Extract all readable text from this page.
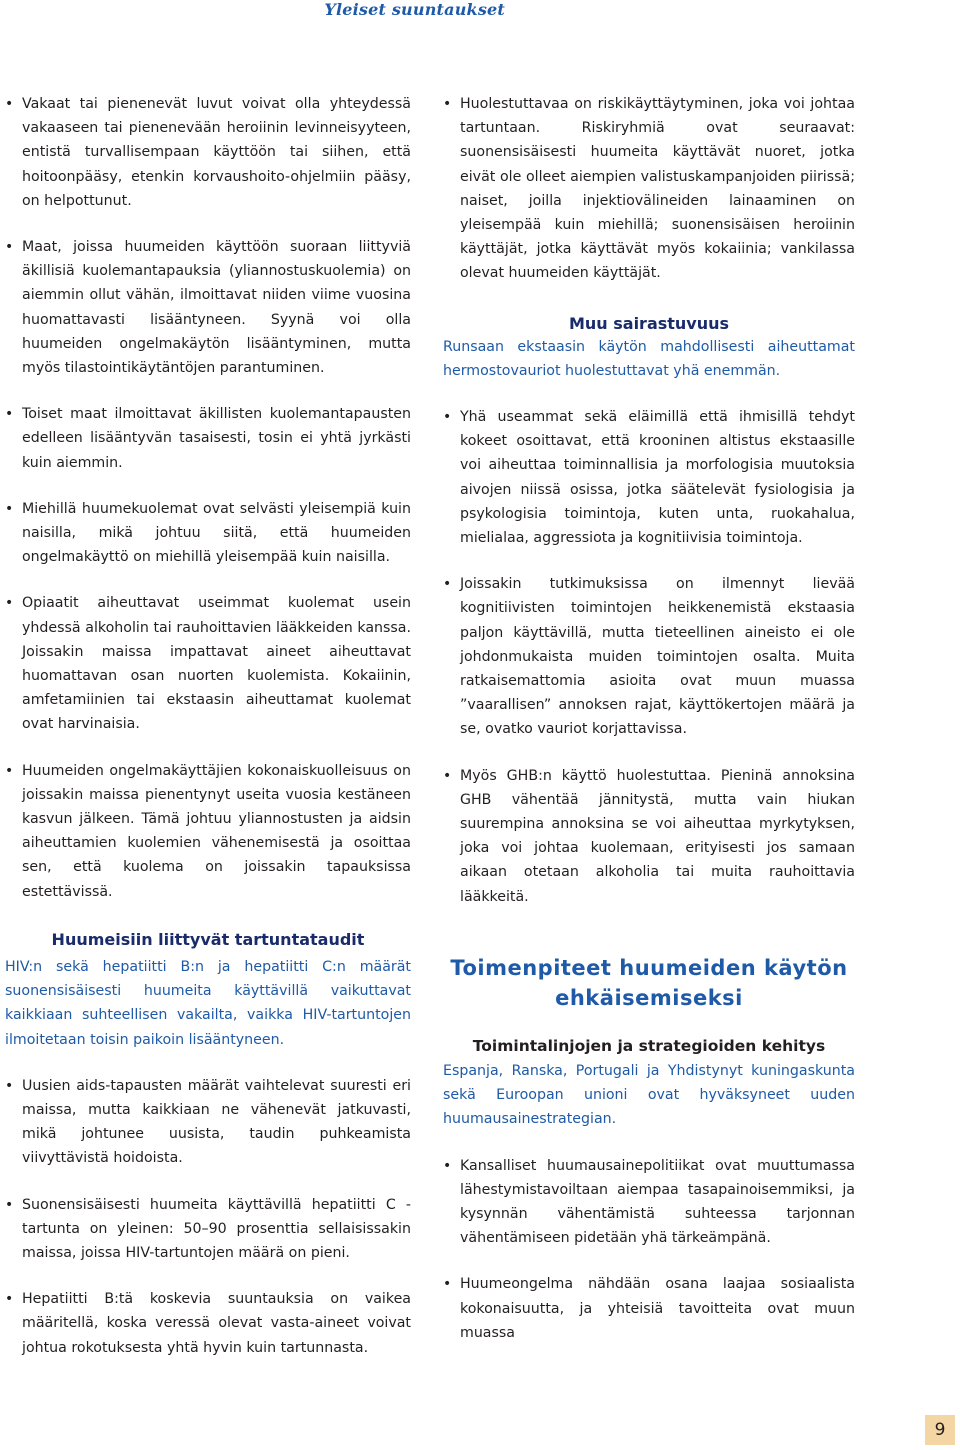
Yleiset suuntaukset
• Vakaat tai pienenevät luvut voivat olla yhteydessä vakaaseen tai pienenevään heroiinin levinneisyyteen, entistä turvallisempaan käyttöön tai siihen, että hoitoonpääsy, etenkin korvaushoito-ohjelmiin pääsy, on helpottunut.
• Maat, joissa huumeiden käyttöön suoraan liittyviä äkillisiä kuolemantapauksia (yliannostuskuolemia) on aiemmin ollut vähän, ilmoittavat niiden viime vuosina huomattavasti lisääntyneen. Syynä voi olla huumeiden ongelmakäytön lisääntyminen, mutta myös tilastointikäytäntöjen parantuminen.
• Toiset maat ilmoittavat äkillisten kuolemantapausten edelleen lisääntyvän tasaisesti, tosin ei yhtä jyrkästi kuin aiemmin.
• Miehillä huumekuolemat ovat selvästi yleisempiä kuin naisilla, mikä johtuu siitä, että huumeiden ongelmakäyttö on miehillä yleisempää kuin naisilla.
• Opiaatit aiheuttavat useimmat kuolemat usein yhdessä alkoholin tai rauhoittavien lääkkeiden kanssa. Joissakin maissa impattavat aineet aiheuttavat huomattavan osan nuorten kuolemista. Kokaiinin, amfetamiinien tai ekstaasin aiheuttamat kuolemat ovat harvinaisia.
• Huumeiden ongelmakäyttäjien kokonaiskuolleisuus on joissakin maissa pienentynyt useita vuosia kestäneen kasvun jälkeen. Tämä johtuu yliannostusten ja aidsin aiheuttamien kuolemien vähenemisestä ja osoittaa sen, että kuolema on joissakin tapauksissa estettävissä.
Huumeisiin liittyvät tartuntataudit
HIV:n sekä hepatiitti B:n ja hepatiitti C:n määrät suonensisäisesti huumeita käyttävillä vaikuttavat kaikkiaan suhteellisen vakailta, vaikka HIV-tartuntojen ilmoitetaan toisin paikoin lisääntyneen.
• Uusien aids-tapausten määrät vaihtelevat suuresti eri maissa, mutta kaikkiaan ne vähenevät jatkuvasti, mikä johtunee uusista, taudin puhkeamista viivyttävistä hoidoista.
• Suonensisäisesti huumeita käyttävillä hepatiitti C -tartunta on yleinen: 50–90 prosenttia sellaisissakin maissa, joissa HIV-tartuntojen määrä on pieni.
• Hepatiitti B:tä koskevia suuntauksia on vaikea määritellä, koska veressä olevat vasta-aineet voivat johtua rokotuksesta yhtä hyvin kuin tartunnasta.
• Huolestuttavaa on riskikäyttäytyminen, joka voi johtaa tartuntaan. Riskiryhmiä ovat seuraavat: suonensisäisesti huumeita käyttävät nuoret, jotka eivät ole olleet aiempien valistuskampanjoiden piirissä; naiset, joilla injektiovälineiden lainaaminen on yleisempää kuin miehillä; suonensisäisen heroiinin käyttäjät, jotka käyttävät myös kokaiinia; vankilassa olevat huumeiden käyttäjät.
Muu sairastuvuus
Runsaan ekstaasin käytön mahdollisesti aiheuttamat hermostovauriot huolestuttavat yhä enemmän.
• Yhä useammat sekä eläimillä että ihmisillä tehdyt kokeet osoittavat, että krooninen altistus ekstaasille voi aiheuttaa toiminnallisia ja morfologisia muutoksia aivojen niissä osissa, jotka säätelevät fysiologisia ja psykologisia toimintoja, kuten unta, ruokahalua, mielialaa, aggressiota ja kognitiivisia toimintoja.
• Joissakin tutkimuksissa on ilmennyt lievää kognitiivisten toimintojen heikkenemistä ekstaasia paljon käyttävillä, mutta tieteellinen aineisto ei ole johdonmukaista muiden toimintojen osalta. Muita ratkaisemattomia asioita ovat muun muassa ”vaarallisen” annoksen rajat, käyttökertojen määrä ja se, ovatko vauriot korjattavissa.
• Myös GHB:n käyttö huolestuttaa. Pieninä annoksina GHB vähentää jännitystä, mutta vain hiukan suurempina annoksina se voi aiheuttaa myrkytyksen, joka voi johtaa kuolemaan, erityisesti jos samaan aikaan otetaan alkoholia tai muita rauhoittavia lääkkeitä.
Toimenpiteet huumeiden käytön ehkäisemiseksi
Toimintalinjojen ja strategioiden kehitys
Espanja, Ranska, Portugali ja Yhdistynyt kuningaskunta sekä Euroopan unioni ovat hyväksyneet uuden huumausainestrategian.
• Kansalliset huumausainepolitiikat ovat muuttumassa lähestymistavoiltaan aiempaa tasapainoisemmiksi, ja kysynnän vähentämistä suhteessa tarjonnan vähentämiseen pidetään yhä tärkeämpänä.
• Huumeongelma nähdään osana laajaa sosiaalista kokonaisuutta, ja yhteisiä tavoitteita ovat muun muassa
9
